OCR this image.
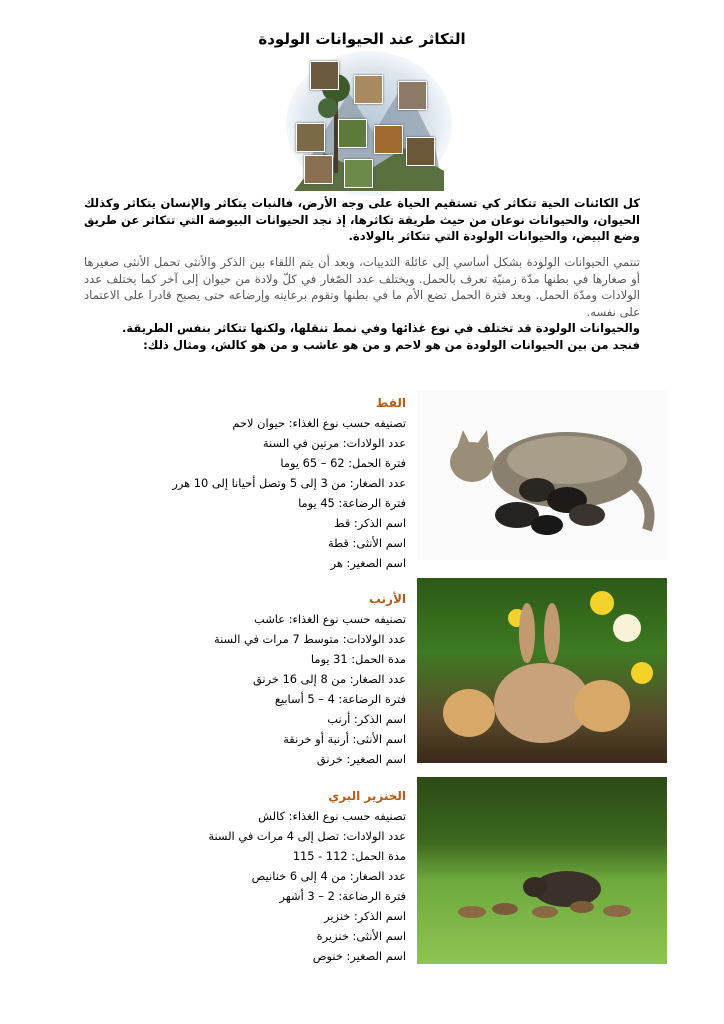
التكاثر عند الحيوانات الولودة
كل الكائنات الحية تتكاثر كي تستقيم الحياة على وجه الأرض، فالنبات يتكاثر والإنسان يتكاثر وكذلك الحيوان، والحيوانات نوعان من حيث طريقة تكاثرها، إذ نجد الحيوانات البيوضة التي تتكاثر عن طريق وضع البيض، والحيوانات الولودة التي تتكاثر بالولادة.
تنتمي الحيوانات الولودة بشكل أساسي إلى عائلة الثدييات، وبعد أن يتم اللقاء بين الذكر والأنثى تحمل الأنثى صغيرها أو صغارها في بطنها مدّة زمنيّة تعرف بالحمل. ويختلف عدد الصّغار في كلّ ولادة من حيوان إلى آخر كما يختلف عدد الولادات ومدّة الحمل. وبعد فترة الحمل تضع الأم ما في بطنها وتقوم برعايته وإرضاعه حتى يصبح قادرا على الاعتماد على نفسه.
والحيوانات الولودة قد تختلف في نوع غذائها وفي نمط تنقلها، ولكنها تتكاثر بنفس الطريقة.
فنجد من بين الحيوانات الولودة من هو لاحم و من هو عاشب و من هو كالش، ومثال ذلك:
القط
تصنيفه حسب نوع الغذاء: حيوان لاحم
عدد الولادات: مرتين في السنة
فترة الحمل: 62 – 65 يوما
عدد الصغار: من 3 إلى 5 وتصل أحيانا إلى 10 هرر
فترة الرضاعة: 45 يوما
اسم الذكر: قط
اسم الأنثى: قطة
اسم الصغير: هر
الأرنب
تصنيفه حسب نوع الغذاء: عاشب
عدد الولادات: متوسط 7 مرات في السنة
مدة الحمل: 31 يوما
عدد الصغار: من 8 إلى 16 خرنق
فترة الرضاعة: 4 – 5 أسابيع
اسم الذكر: أرنب
اسم الأنثى: أرنبة أو خرنقة
اسم الصغير: خرنق
الخنزير البري
تصنيفه حسب نوع الغذاء: كالش
عدد الولادات: تصل إلى 4 مرات في السنة
مدة الحمل: 112 - 115
عدد الصغار: من 4 إلى 6 خنانيص
فترة الرضاعة: 2 – 3 أشهر
اسم الذكر: خنزير
اسم الأنثى: خنزيرة
اسم الصغير: خنوص
